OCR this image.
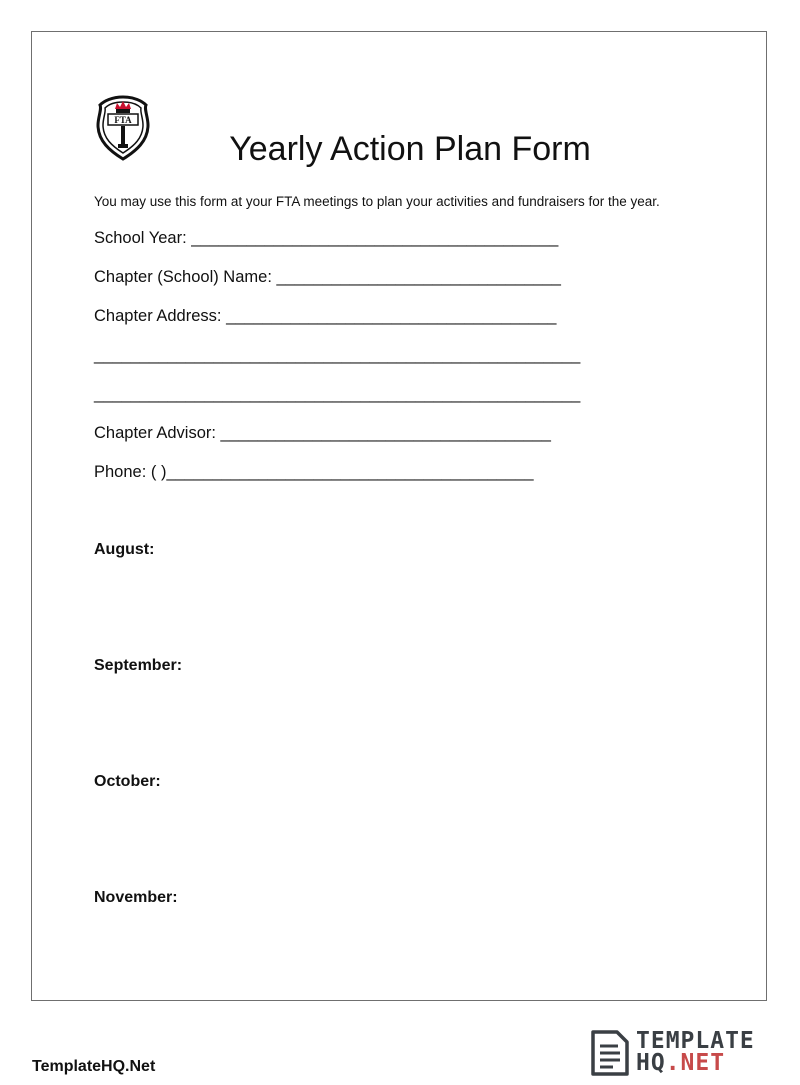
FTA
Yearly Action Plan Form
You may use this form at your FTA meetings to plan your activities and fundraisers for the year.
School Year: ________________________________________
Chapter (School) Name: _______________________________
Chapter Address: ____________________________________
_____________________________________________________
_____________________________________________________
Chapter Advisor: ____________________________________
Phone: ( )________________________________________
August:
September:
October:
November:
TemplateHQ.Net
TEMPLATE
HQ.NET
